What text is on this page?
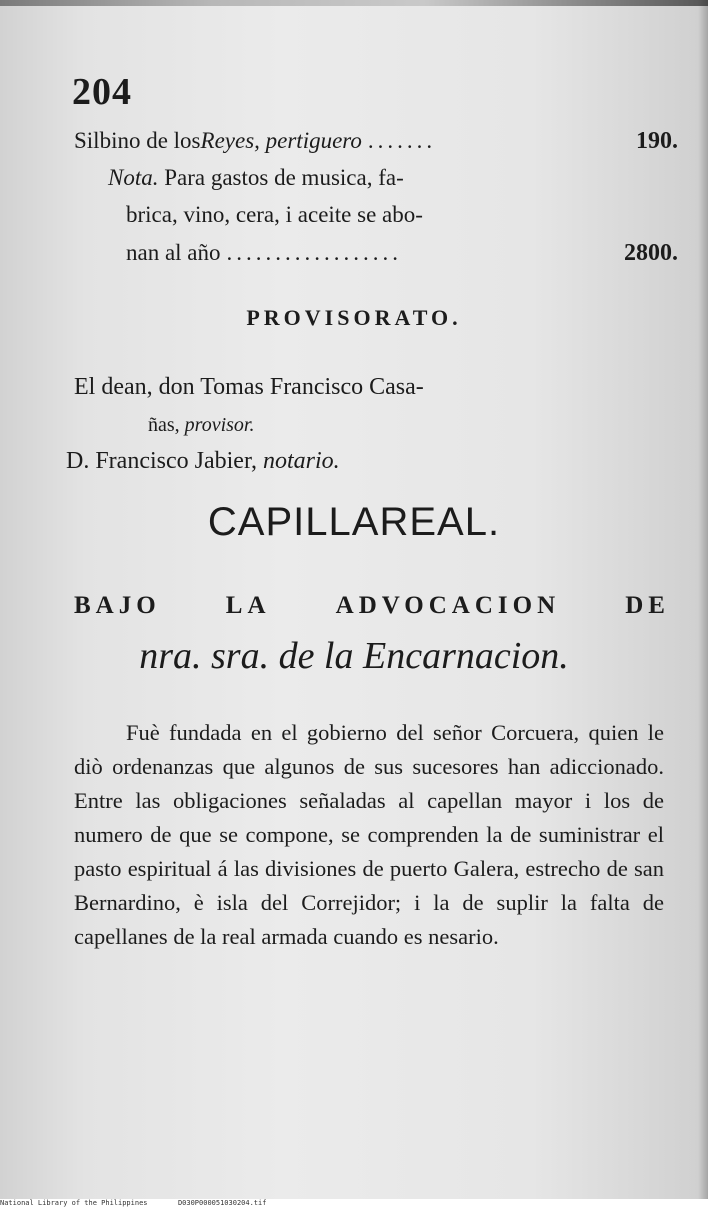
204
Silbino de los Reyes, pertiguero .......	190.
Nota. Para gastos de musica, fa-
brica, vino, cera, i aceite se abo-
nan al año ..................	2800.
PROVISORATO.
El dean, don Tomas Francisco Casa-
ñas, provisor.
D. Francisco Jabier, notario.
CAPILLAREAL.
BAJO	LA	ADVOCACION	DE
nra. sra. de la Encarnacion.
Fuè fundada en el gobierno del señor Corcuera, quien le diò ordenanzas que algunos de sus sucesores han adiccionado. Entre las obligaciones señaladas al capellan mayor i los de numero de que se compone, se comprenden la de suministrar el pasto espiritual á las divisiones de puerto Galera, estrecho de san Bernardino, è isla del Correjidor; i la de suplir la falta de capellanes de la real armada cuando es nesario.
National Library of the Philippines	D030P000051030204.tif
